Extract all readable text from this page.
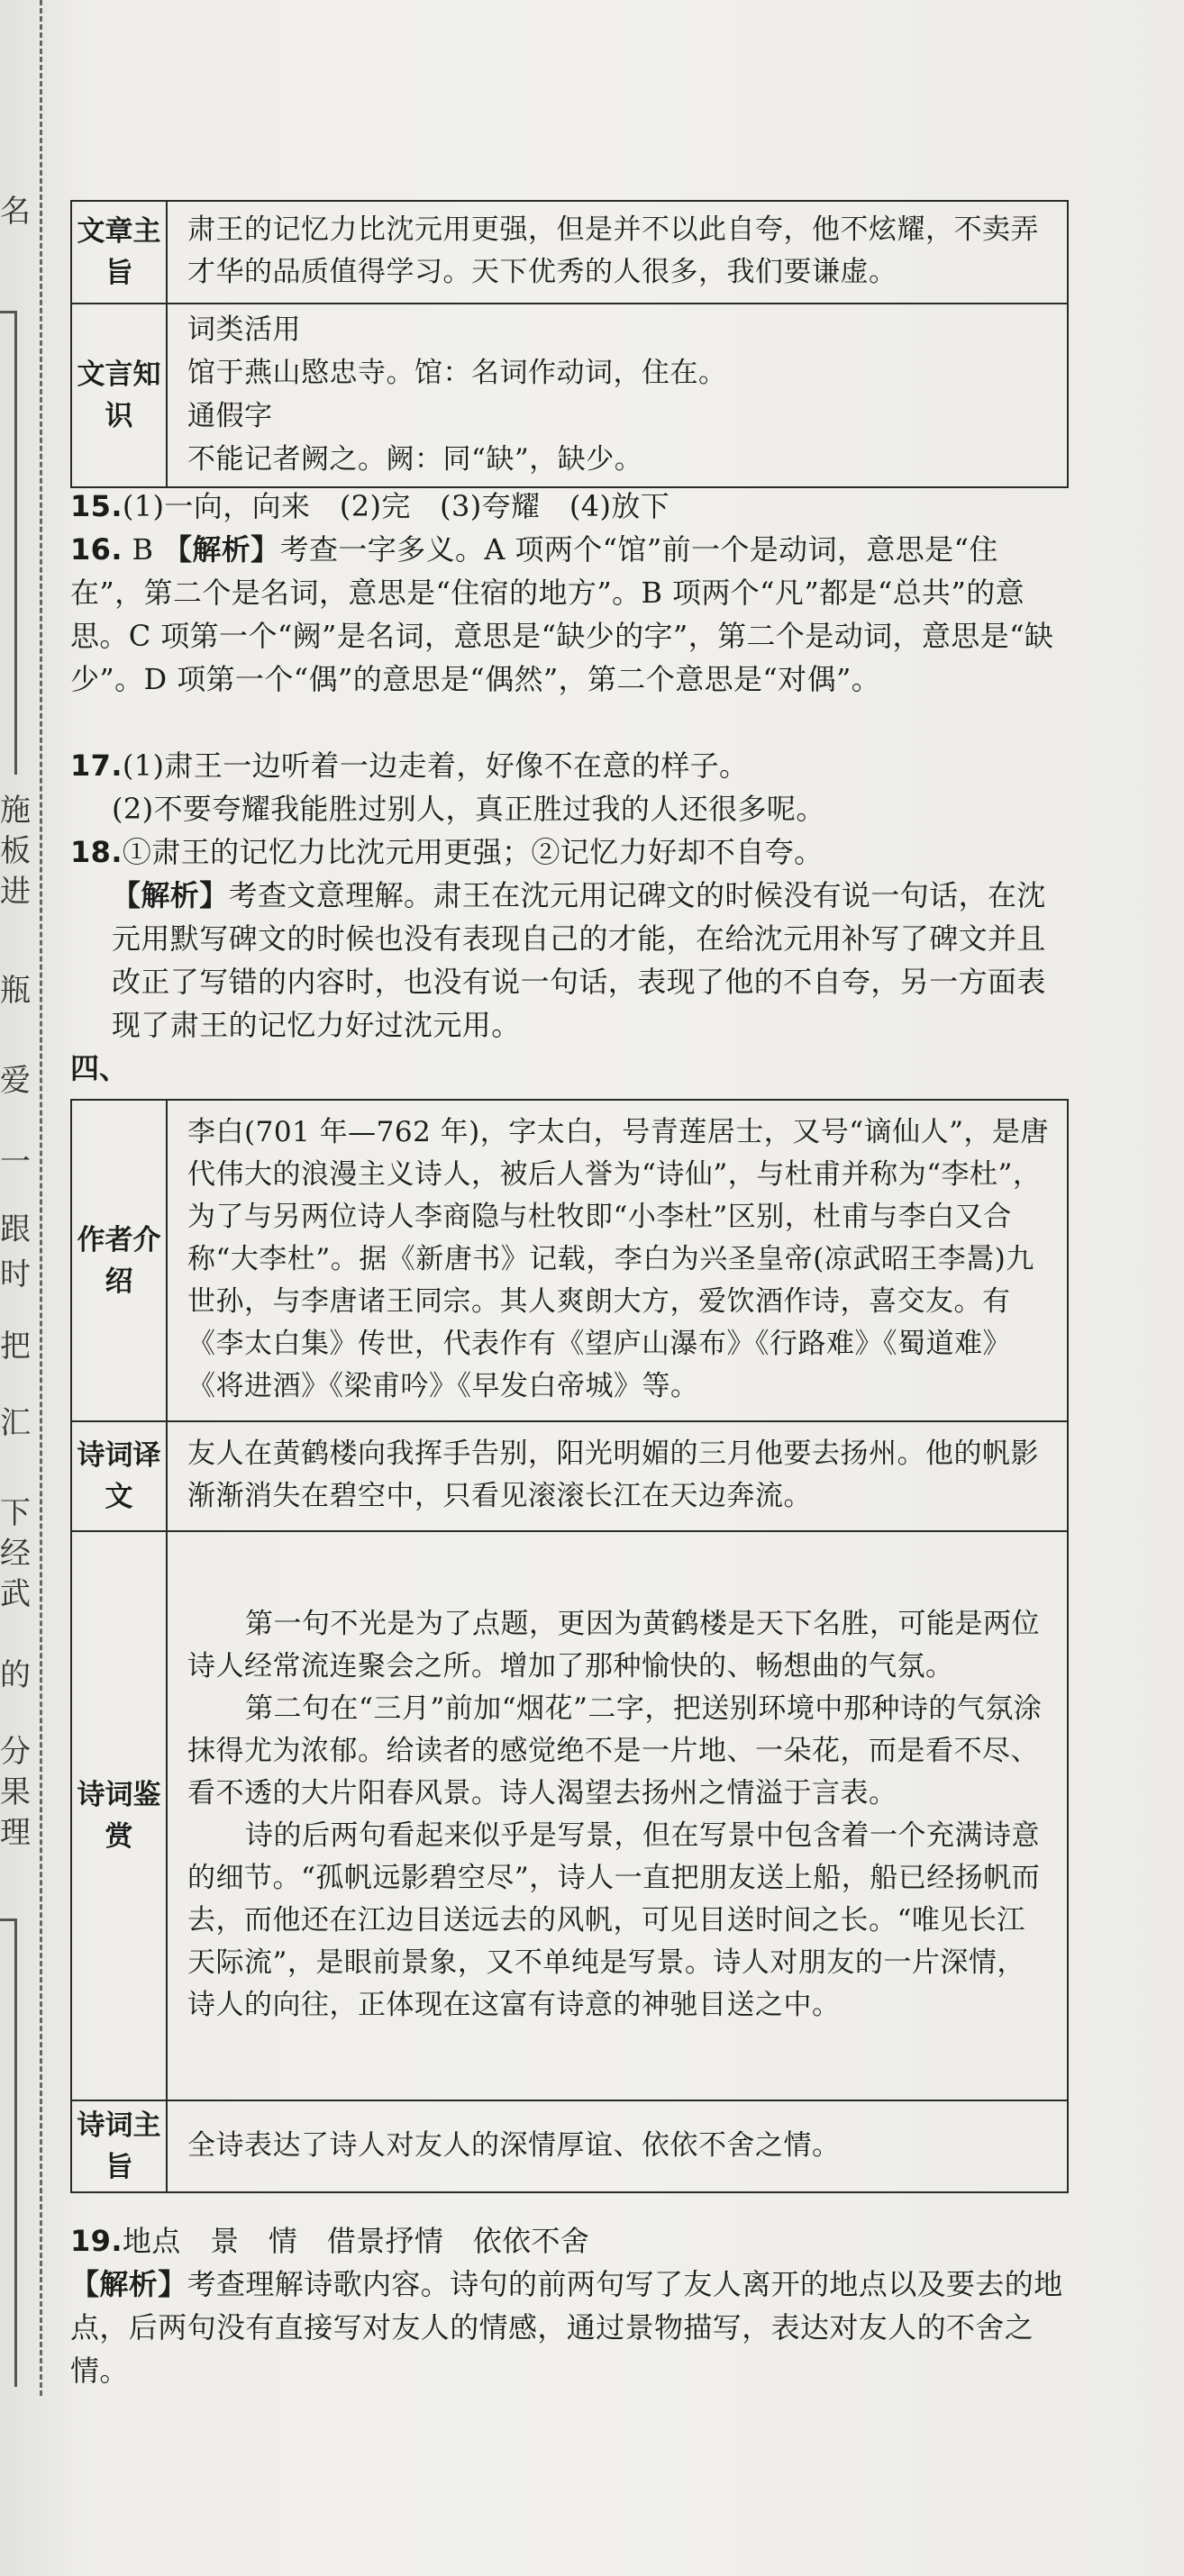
名
施
板
进
瓶
爱
一
跟
时
把
汇
下
经
武
的
分
果
理
文章主旨	肃王的记忆力比沈元用更强，但是并不以此自夸，他不炫耀，不卖弄才华的品质值得学习。天下优秀的人很多，我们要谦虚。
文言知识	词类活用
馆于燕山愍忠寺。馆：名词作动词，住在。
通假字
不能记者阙之。阙：同“缺”，缺少。
15.(1)一向，向来　(2)完　(3)夸耀　(4)放下
16. B 【解析】考查一字多义。A 项两个“馆”前一个是动词，意思是“住在”，第二个是名词，意思是“住宿的地方”。B 项两个“凡”都是“总共”的意思。C 项第一个“阙”是名词，意思是“缺少的字”，第二个是动词，意思是“缺少”。D 项第一个“偶”的意思是“偶然”，第二个意思是“对偶”。
17.(1)肃王一边听着一边走着，好像不在意的样子。
(2)不要夸耀我能胜过别人，真正胜过我的人还很多呢。
18.①肃王的记忆力比沈元用更强；②记忆力好却不自夸。
【解析】考查文意理解。肃王在沈元用记碑文的时候没有说一句话，在沈元用默写碑文的时候也没有表现自己的才能，在给沈元用补写了碑文并且改正了写错的内容时，也没有说一句话，表现了他的不自夸，另一方面表现了肃王的记忆力好过沈元用。
四、
作者介绍	李白(701 年—762 年)，字太白，号青莲居士，又号“谪仙人”，是唐代伟大的浪漫主义诗人，被后人誉为“诗仙”，与杜甫并称为“李杜”，为了与另两位诗人李商隐与杜牧即“小李杜”区别，杜甫与李白又合称“大李杜”。据《新唐书》记载，李白为兴圣皇帝(凉武昭王李暠)九世孙，与李唐诸王同宗。其人爽朗大方，爱饮酒作诗，喜交友。有《李太白集》传世，代表作有《望庐山瀑布》《行路难》《蜀道难》《将进酒》《梁甫吟》《早发白帝城》等。
诗词译文	友人在黄鹤楼向我挥手告别，阳光明媚的三月他要去扬州。他的帆影渐渐消失在碧空中，只看见滚滚长江在天边奔流。
诗词鉴赏	第一句不光是为了点题，更因为黄鹤楼是天下名胜，可能是两位诗人经常流连聚会之所。增加了那种愉快的、畅想曲的气氛。
第二句在“三月”前加“烟花”二字，把送别环境中那种诗的气氛涂抹得尤为浓郁。给读者的感觉绝不是一片地、一朵花，而是看不尽、看不透的大片阳春风景。诗人渴望去扬州之情溢于言表。
诗的后两句看起来似乎是写景，但在写景中包含着一个充满诗意的细节。“孤帆远影碧空尽”，诗人一直把朋友送上船，船已经扬帆而去，而他还在江边目送远去的风帆，可见目送时间之长。“唯见长江天际流”，是眼前景象，又不单纯是写景。诗人对朋友的一片深情，诗人的向往，正体现在这富有诗意的神驰目送之中。

诗词主旨	全诗表达了诗人对友人的深情厚谊、依依不舍之情。
19.地点　景　情　借景抒情　依依不舍
【解析】考查理解诗歌内容。诗句的前两句写了友人离开的地点以及要去的地点，后两句没有直接写对友人的情感，通过景物描写，表达对友人的不舍之情。
